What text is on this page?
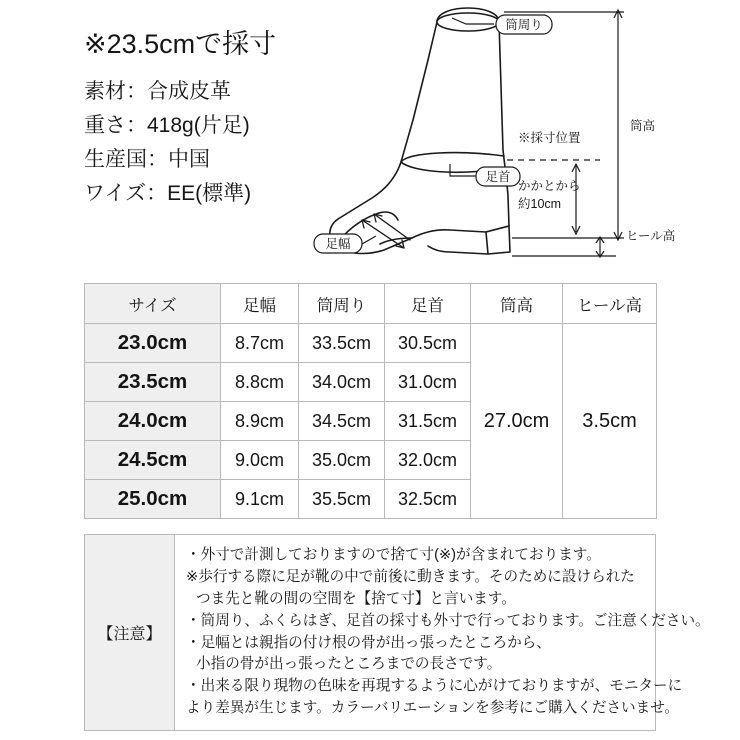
※23.5cmで採寸
素材：合成皮革
重さ：418g(片足)
生産国：中国
ワイズ：EE(標準)
筒周り
足首
足幅
※採寸位置
かかとから
約10cm
筒高
ヒール高
サイズ	足幅	筒周り	足首	筒高	ヒール高
23.0cm	8.7cm	33.5cm	30.5cm	27.0cm	3.5cm
23.5cm	8.8cm	34.0cm	31.0cm		
24.0cm	8.9cm	34.5cm	31.5cm		
24.5cm	9.0cm	35.0cm	32.0cm		
25.0cm	9.1cm	35.5cm	32.5cm		
【注意】
・外寸で計測しておりますので捨て寸(※)が含まれております。
※歩行する際に足が靴の中で前後に動きます。そのために設けられた
つま先と靴の間の空間を【捨て寸】と言います。
・筒周り、ふくらはぎ、足首の採寸も外寸で行っております。ご注意ください。
・足幅とは親指の付け根の骨が出っ張ったところから、
小指の骨が出っ張ったところまでの長さです。
・出来る限り現物の色味を再現するように心がけておりますが、モニターに
より差異が生じます。カラーバリエーションを参考にご購入くださいませ。
